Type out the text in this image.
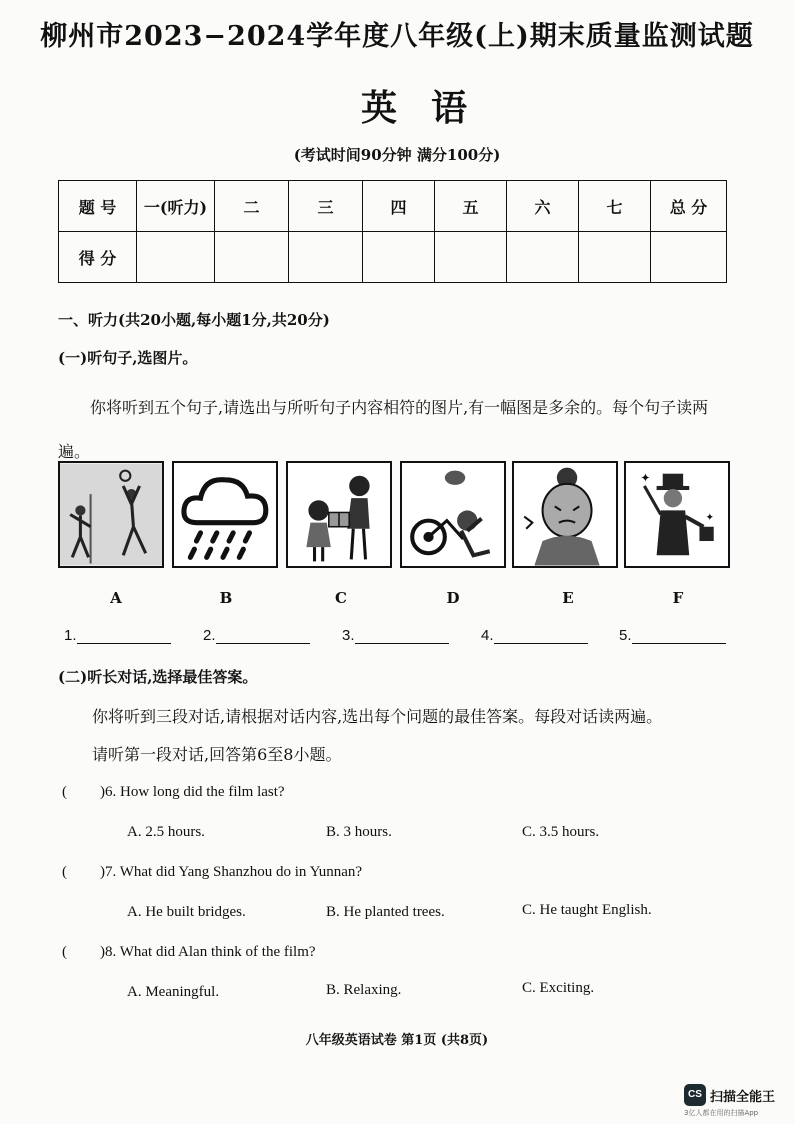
柳州市2023−2024学年度八年级(上)期末质量监测试题
英语
(考试时间90分钟 满分100分)
题 号	一(听力)	二	三	四	五	六	七	总 分
得 分								
一、听力(共20小题,每小题1分,共20分)
(一)听句子,选图片。
你将听到五个句子,请选出与所听句子内容相符的图片,有一幅图是多余的。每个句子读两遍。
✦
✦
A	B	C	D	E	F
1.	2.	3.	4.	5.
(二)听长对话,选择最佳答案。
你将听到三段对话,请根据对话内容,选出每个问题的最佳答案。每段对话读两遍。
请听第一段对话,回答第6至8小题。
( )6. How long did the film last?
A. 2.5 hours.	B. 3 hours.	C. 3.5 hours.
( )7. What did Yang Shanzhou do in Yunnan?
A. He built bridges.	B. He planted trees.	C. He taught English.
( )8. What did Alan think of the film?
A. Meaningful.	B. Relaxing.	C. Exciting.
八年级英语试卷 第1页 (共8页)
CS 扫描全能王
3亿人都在用的扫描App
